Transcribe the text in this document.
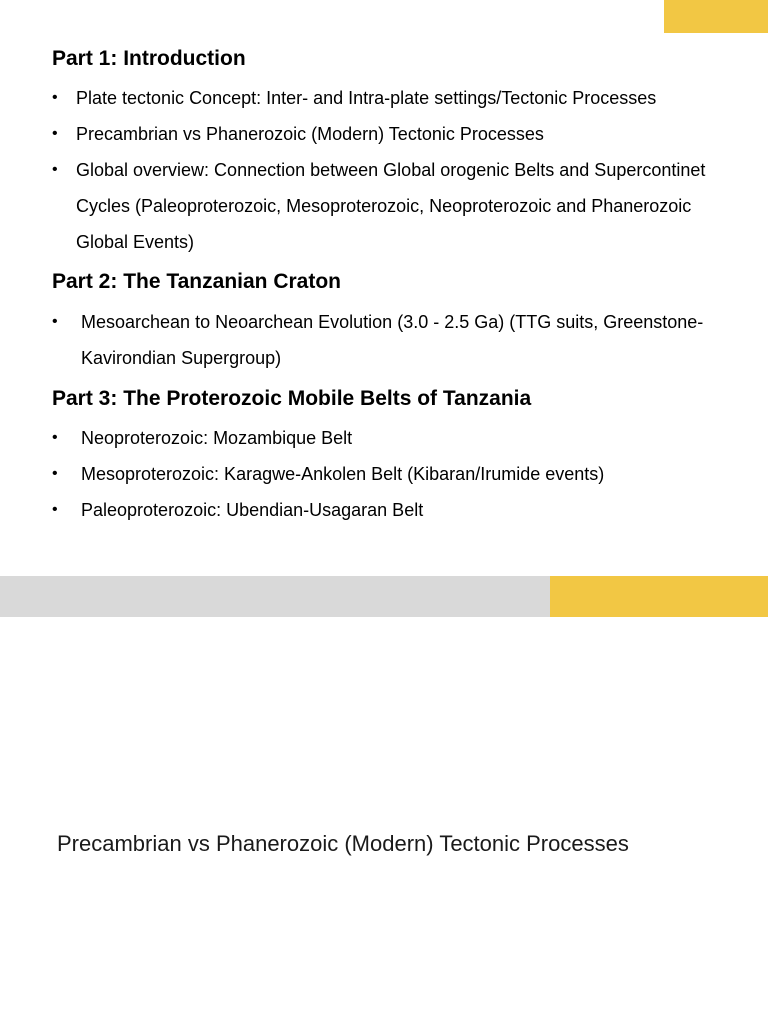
Part 1: Introduction
• Plate tectonic Concept: Inter- and Intra-plate settings/Tectonic Processes
• Precambrian vs Phanerozoic (Modern) Tectonic Processes
• Global overview: Connection between Global orogenic Belts and Supercontinet Cycles (Paleoproterozoic, Mesoproterozoic, Neoproterozoic and Phanerozoic Global Events)
Part 2: The Tanzanian Craton
• Mesoarchean to Neoarchean Evolution (3.0 - 2.5 Ga) (TTG suits, Greenstone- Kavirondian Supergroup)
Part 3: The Proterozoic Mobile Belts of Tanzania
• Neoproterozoic: Mozambique Belt
• Mesoproterozoic: Karagwe-Ankolen Belt (Kibaran/Irumide events)
• Paleoproterozoic: Ubendian-Usagaran Belt
Precambrian vs Phanerozoic (Modern) Tectonic Processes
